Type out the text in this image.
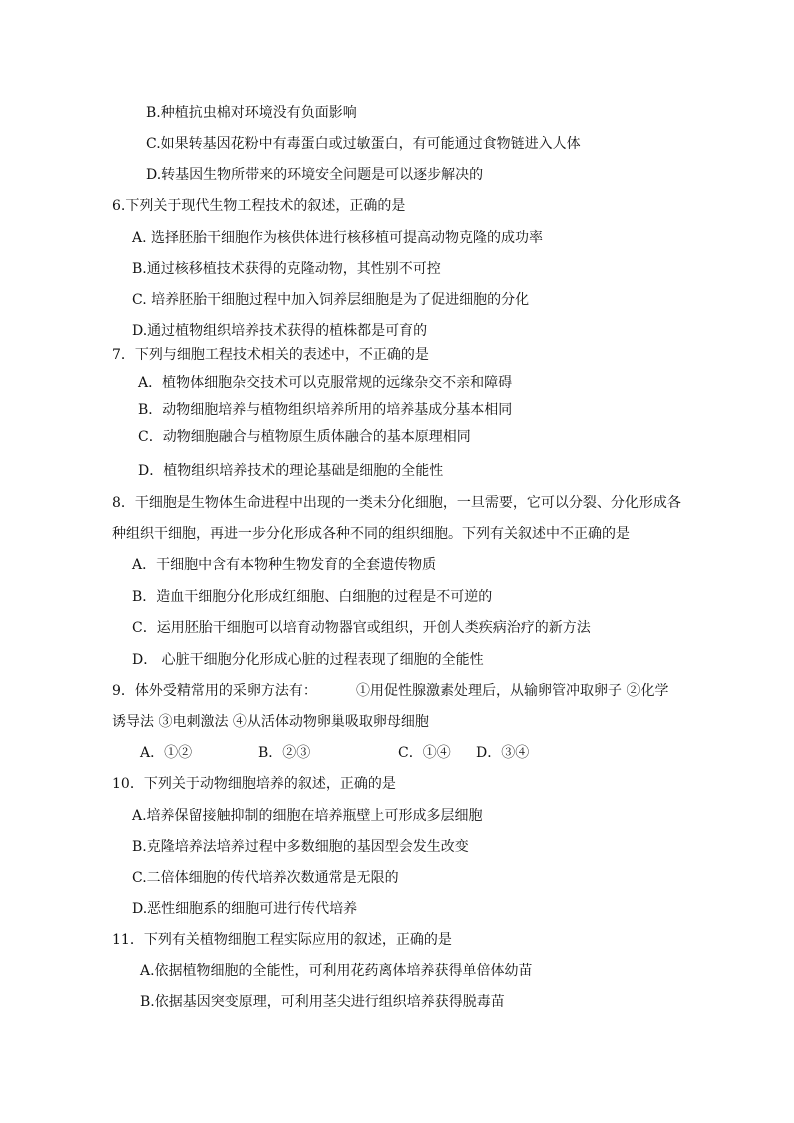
B.种植抗虫棉对环境没有负面影响
C.如果转基因花粉中有毒蛋白或过敏蛋白，有可能通过食物链进入人体
D.转基因生物所带来的环境安全问题是可以逐步解决的
6.下列关于现代生物工程技术的叙述，正确的是
A. 选择胚胎干细胞作为核供体进行核移植可提高动物克隆的成功率
B.通过核移植技术获得的克隆动物，其性别不可控
C. 培养胚胎干细胞过程中加入饲养层细胞是为了促进细胞的分化
D.通过植物组织培养技术获得的植株都是可育的
7．下列与细胞工程技术相关的表述中，不正确的是
A．植物体细胞杂交技术可以克服常规的远缘杂交不亲和障碍
B．动物细胞培养与植物组织培养所用的培养基成分基本相同
C．动物细胞融合与植物原生质体融合的基本原理相同
D．植物组织培养技术的理论基础是细胞的全能性
8．干细胞是生物体生命进程中出现的一类未分化细胞，一旦需要，它可以分裂、分化形成各
种组织干细胞，再进一步分化形成各种不同的组织细胞。下列有关叙述中不正确的是
A．干细胞中含有本物种生物发育的全套遗传物质
B．造血干细胞分化形成红细胞、白细胞的过程是不可逆的
C．运用胚胎干细胞可以培育动物器官或组织，开创人类疾病治疗的新方法
D． 心脏干细胞分化形成心脏的过程表现了细胞的全能性
9．体外受精常用的采卵方法有：	①用促性腺激素处理后，从输卵管冲取卵子 ②化学
诱导法 ③电刺激法 ④从活体动物卵巢吸取卵母细胞
A．①②	B．②③	C．①④ D．③④
10．下列关于动物细胞培养的叙述，正确的是
A.培养保留接触抑制的细胞在培养瓶壁上可形成多层细胞
B.克隆培养法培养过程中多数细胞的基因型会发生改变
C.二倍体细胞的传代培养次数通常是无限的
D.恶性细胞系的细胞可进行传代培养
11．下列有关植物细胞工程实际应用的叙述，正确的是
A.依据植物细胞的全能性，可利用花药离体培养获得单倍体幼苗
B.依据基因突变原理，可利用茎尖进行组织培养获得脱毒苗
